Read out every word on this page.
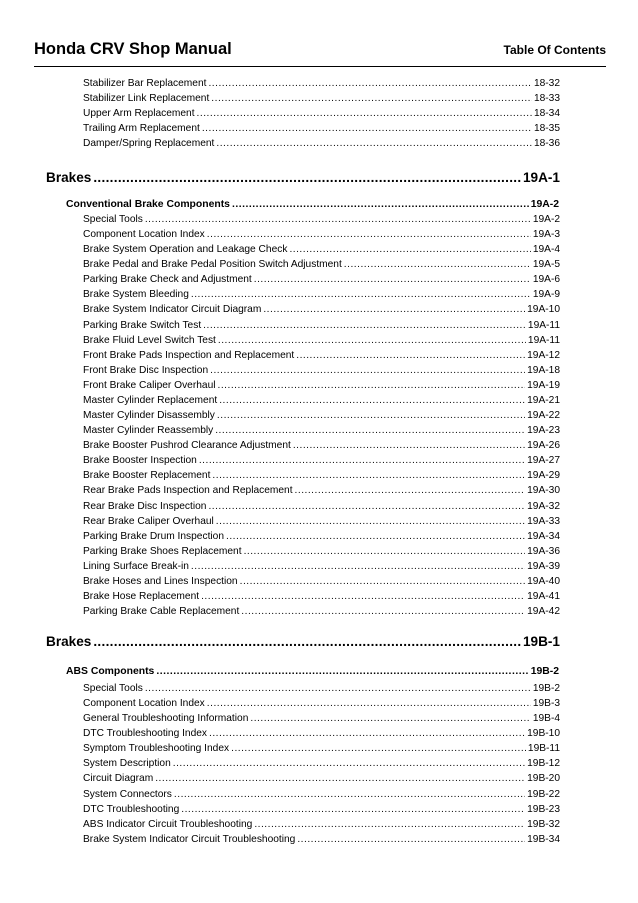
Honda CRV Shop Manual	Table Of Contents
Stabilizer Bar Replacement .....	18-32
Stabilizer Link Replacement .....	18-33
Upper Arm Replacement .....	18-34
Trailing Arm Replacement .....	18-35
Damper/Spring Replacement .....	18-36
Brakes .....	19A-1
Conventional Brake Components .....	19A-2
Special Tools .....	19A-2
Component Location Index .....	19A-3
Brake System Operation and Leakage Check .....	19A-4
Brake Pedal and Brake Pedal Position Switch Adjustment .....	19A-5
Parking Brake Check and Adjustment .....	19A-6
Brake System Bleeding .....	19A-9
Brake System Indicator Circuit Diagram .....	19A-10
Parking Brake Switch Test .....	19A-11
Brake Fluid Level Switch Test .....	19A-11
Front Brake Pads Inspection and Replacement .....	19A-12
Front Brake Disc Inspection .....	19A-18
Front Brake Caliper Overhaul .....	19A-19
Master Cylinder Replacement .....	19A-21
Master Cylinder Disassembly .....	19A-22
Master Cylinder Reassembly .....	19A-23
Brake Booster Pushrod Clearance Adjustment .....	19A-26
Brake Booster Inspection .....	19A-27
Brake Booster Replacement .....	19A-29
Rear Brake Pads Inspection and Replacement .....	19A-30
Rear Brake Disc Inspection .....	19A-32
Rear Brake Caliper Overhaul .....	19A-33
Parking Brake Drum Inspection .....	19A-34
Parking Brake Shoes Replacement .....	19A-36
Lining Surface Break-in .....	19A-39
Brake Hoses and Lines Inspection .....	19A-40
Brake Hose Replacement .....	19A-41
Parking Brake Cable Replacement .....	19A-42
Brakes .....	19B-1
ABS Components .....	19B-2
Special Tools .....	19B-2
Component Location Index .....	19B-3
General Troubleshooting Information .....	19B-4
DTC Troubleshooting Index .....	19B-10
Symptom Troubleshooting Index .....	19B-11
System Description .....	19B-12
Circuit Diagram .....	19B-20
System Connectors .....	19B-22
DTC Troubleshooting .....	19B-23
ABS Indicator Circuit Troubleshooting .....	19B-32
Brake System Indicator Circuit Troubleshooting .....	19B-34
